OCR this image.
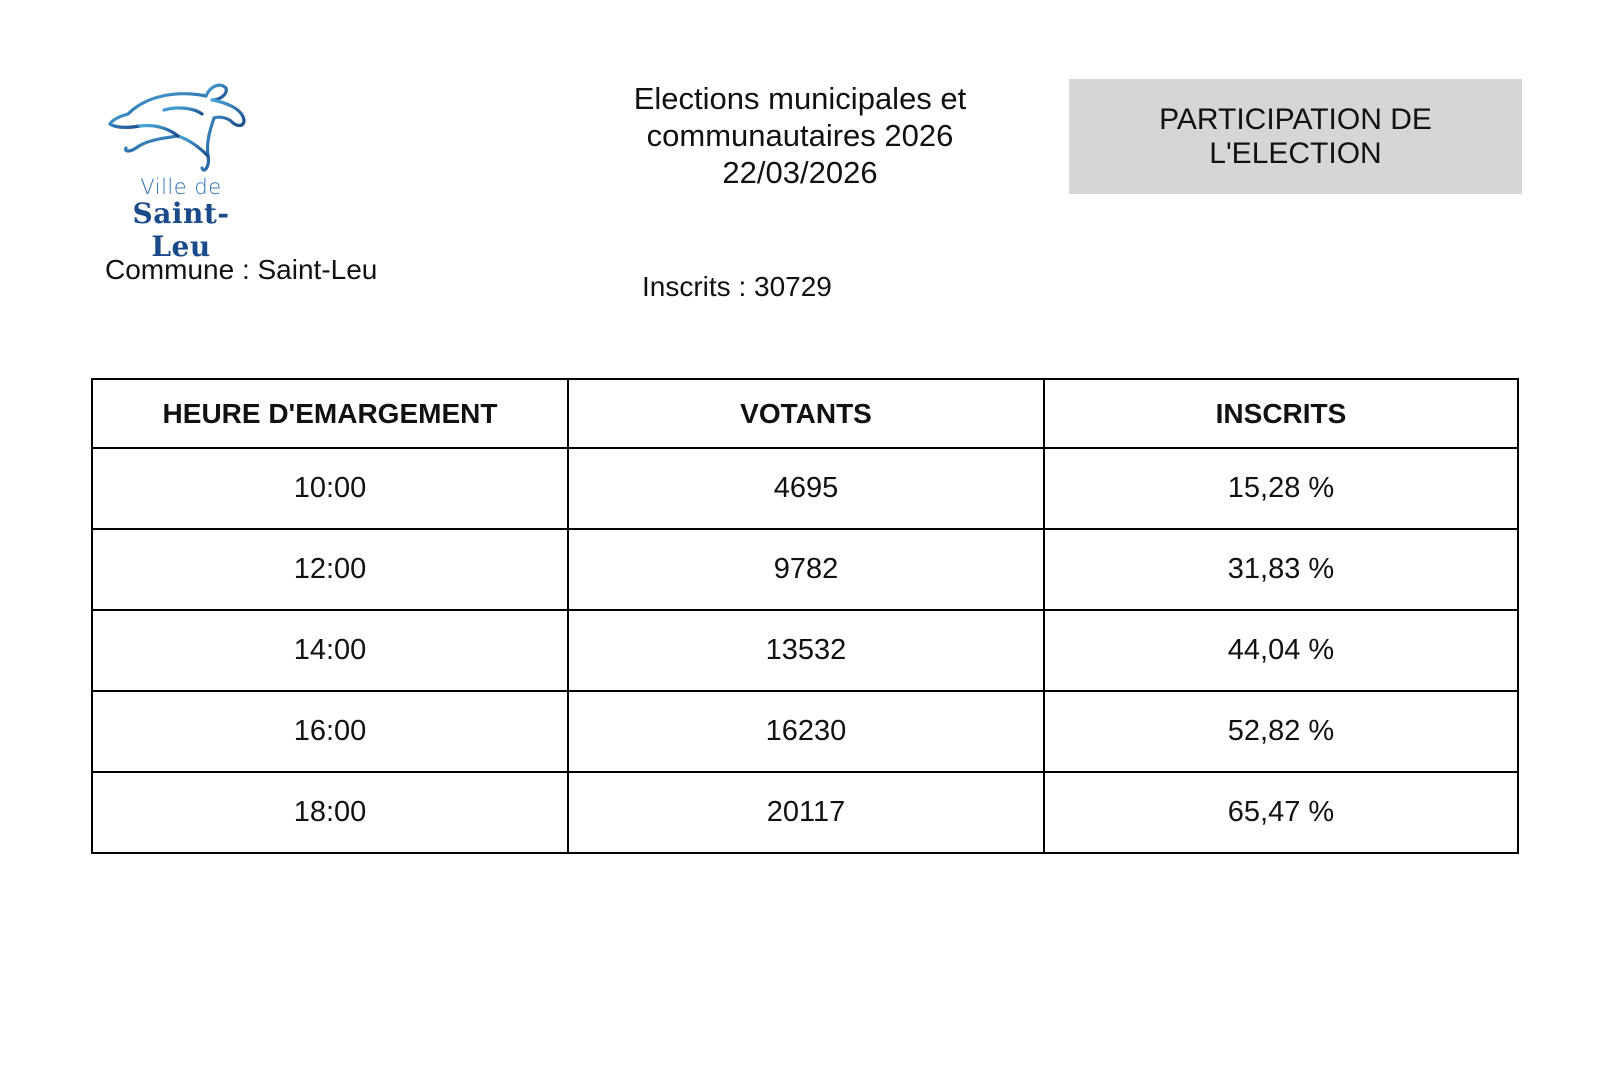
Ville de
Saint-Leu
Commune : Saint-Leu
Elections municipales et
communautaires 2026
22/03/2026
PARTICIPATION DE L'ELECTION
Inscrits : 30729
HEURE D'EMARGEMENT	VOTANTS	INSCRITS
10:00	4695	15,28 %
12:00	9782	31,83 %
14:00	13532	44,04 %
16:00	16230	52,82 %
18:00	20117	65,47 %
